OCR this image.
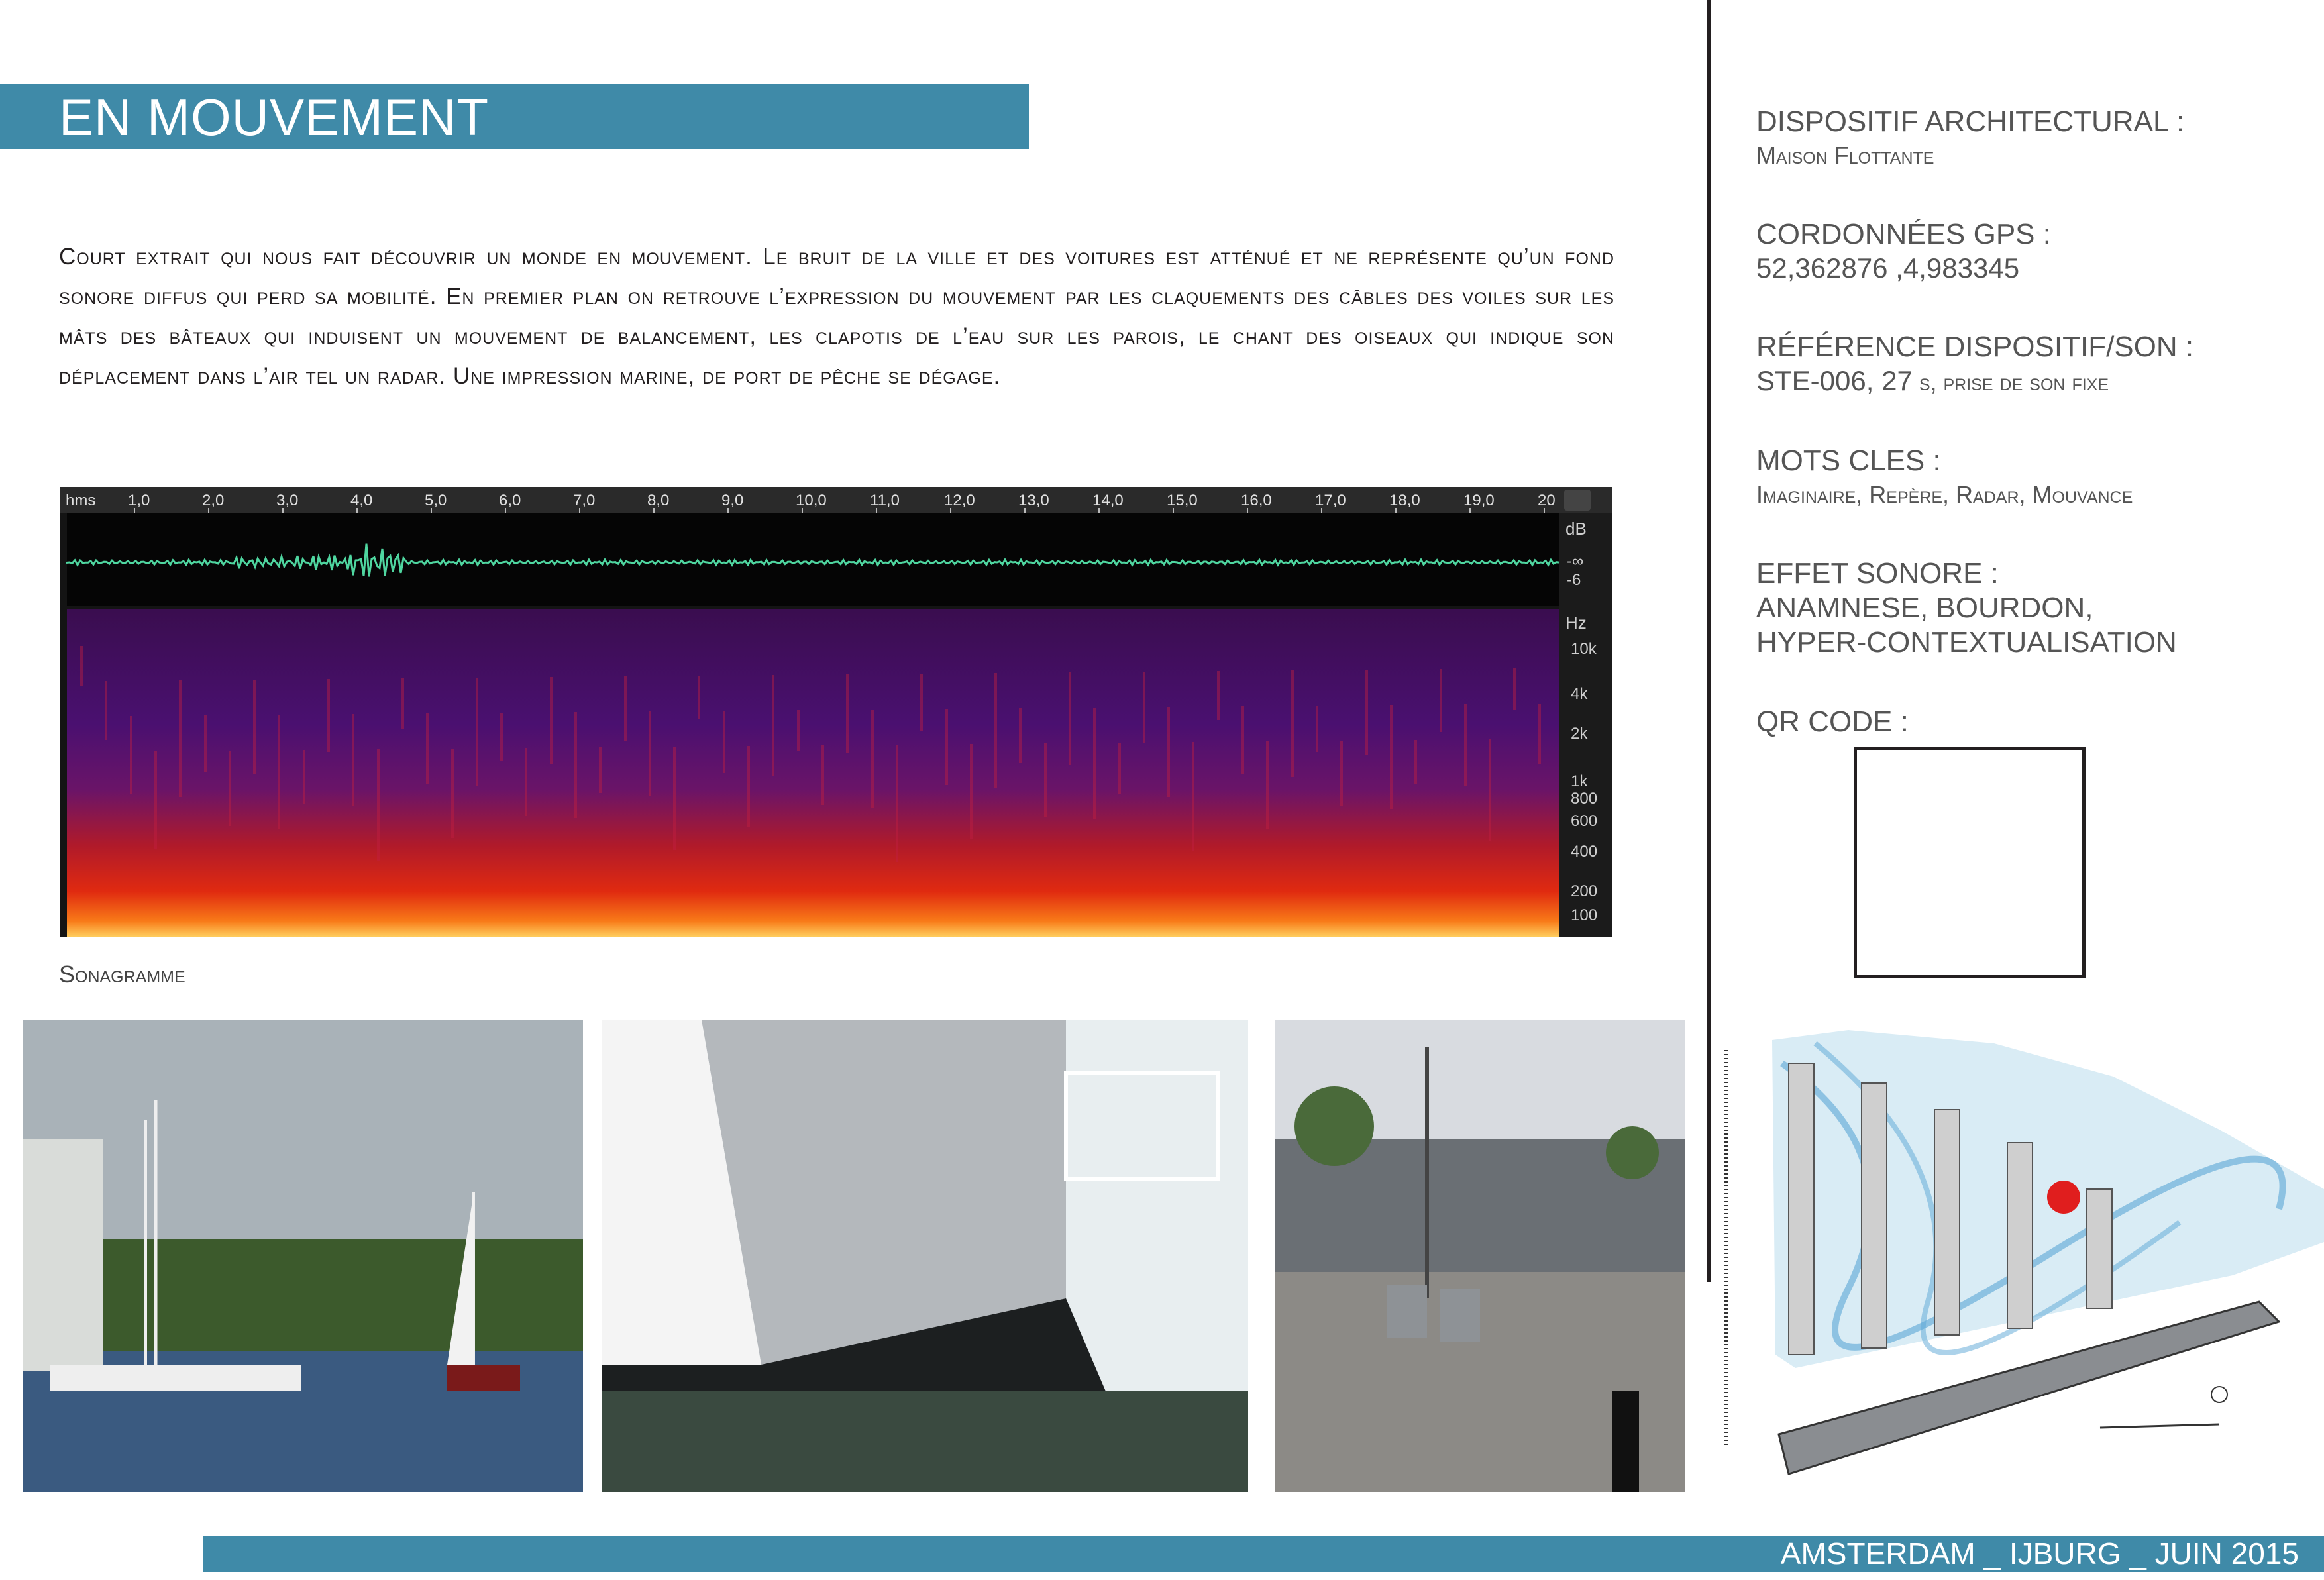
EN MOUVEMENT
Court extrait qui nous fait découvrir un monde en mouvement. Le bruit de la ville et des voitures est atténué et ne représente qu’un fond sonore diffus qui perd sa mobilité. En premier plan on retrouve l’expression du mouvement par les claquements des câbles des voiles sur les mâts des bâteaux qui induisent un mouvement de balancement, les clapotis de l’eau sur les parois, le chant des oiseaux qui indique son déplacement dans l’air tel un radar. Une impression marine, de port de pêche se dégage.
DISPOSITIF ARCHITECTURAL :
Maison Flottante
CORDONNÉES GPS :
52,362876 ,4,983345
RÉFÉRENCE DISPOSITIF/SON :
STE-006, 27 s, prise de son fixe
MOTS CLES :
Imaginaire, Repère, Radar, Mouvance
EFFET SONORE :
ANAMNESE, BOURDON, HYPER-CONTEXTUALISATION
QR CODE :
hms 1,0	2,0	3,0	4,0	5,0	6,0	7,0	8,0	9,0	10,0	11,0	12,0	13,0	14,0	15,0	16,0	17,0	18,0	19,0	20
dB
-∞
-6
Hz
10k
4k
2k
1k
800
600
400
200
100
Sonagramme
AMSTERDAM _ IJBURG _ JUIN 2015
